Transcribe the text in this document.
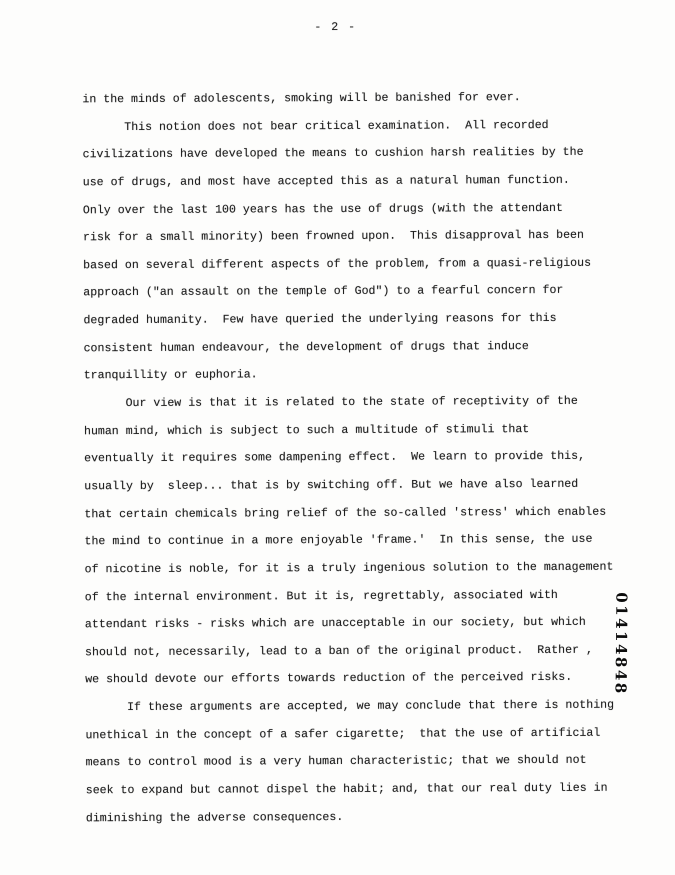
- 2 -
in the minds of adolescents, smoking will be banished for ever.
This notion does not bear critical examination.  All recorded
civilizations have developed the means to cushion harsh realities by the
use of drugs, and most have accepted this as a natural human function.
Only over the last 100 years has the use of drugs (with the attendant
risk for a small minority) been frowned upon.  This disapproval has been
based on several different aspects of the problem, from a quasi-religious
approach ("an assault on the temple of God") to a fearful concern for
degraded humanity.  Few have queried the underlying reasons for this
consistent human endeavour, the development of drugs that induce
tranquillity or euphoria.
Our view is that it is related to the state of receptivity of the
human mind, which is subject to such a multitude of stimuli that
eventually it requires some dampening effect.  We learn to provide this,
usually by  sleep... that is by switching off. But we have also learned
that certain chemicals bring relief of the so-called 'stress' which enables
the mind to continue in a more enjoyable 'frame.'  In this sense, the use
of nicotine is noble, for it is a truly ingenious solution to the management
of the internal environment. But it is, regrettably, associated with
attendant risks - risks which are unacceptable in our society, but which
should not, necessarily, lead to a ban of the original product.  Rather ,
we should devote our efforts towards reduction of the perceived risks.
If these arguments are accepted, we may conclude that there is nothing
unethical in the concept of a safer cigarette;  that the use of artificial
means to control mood is a very human characteristic; that we should not
seek to expand but cannot dispel the habit; and, that our real duty lies in
diminishing the adverse consequences.
01414848
